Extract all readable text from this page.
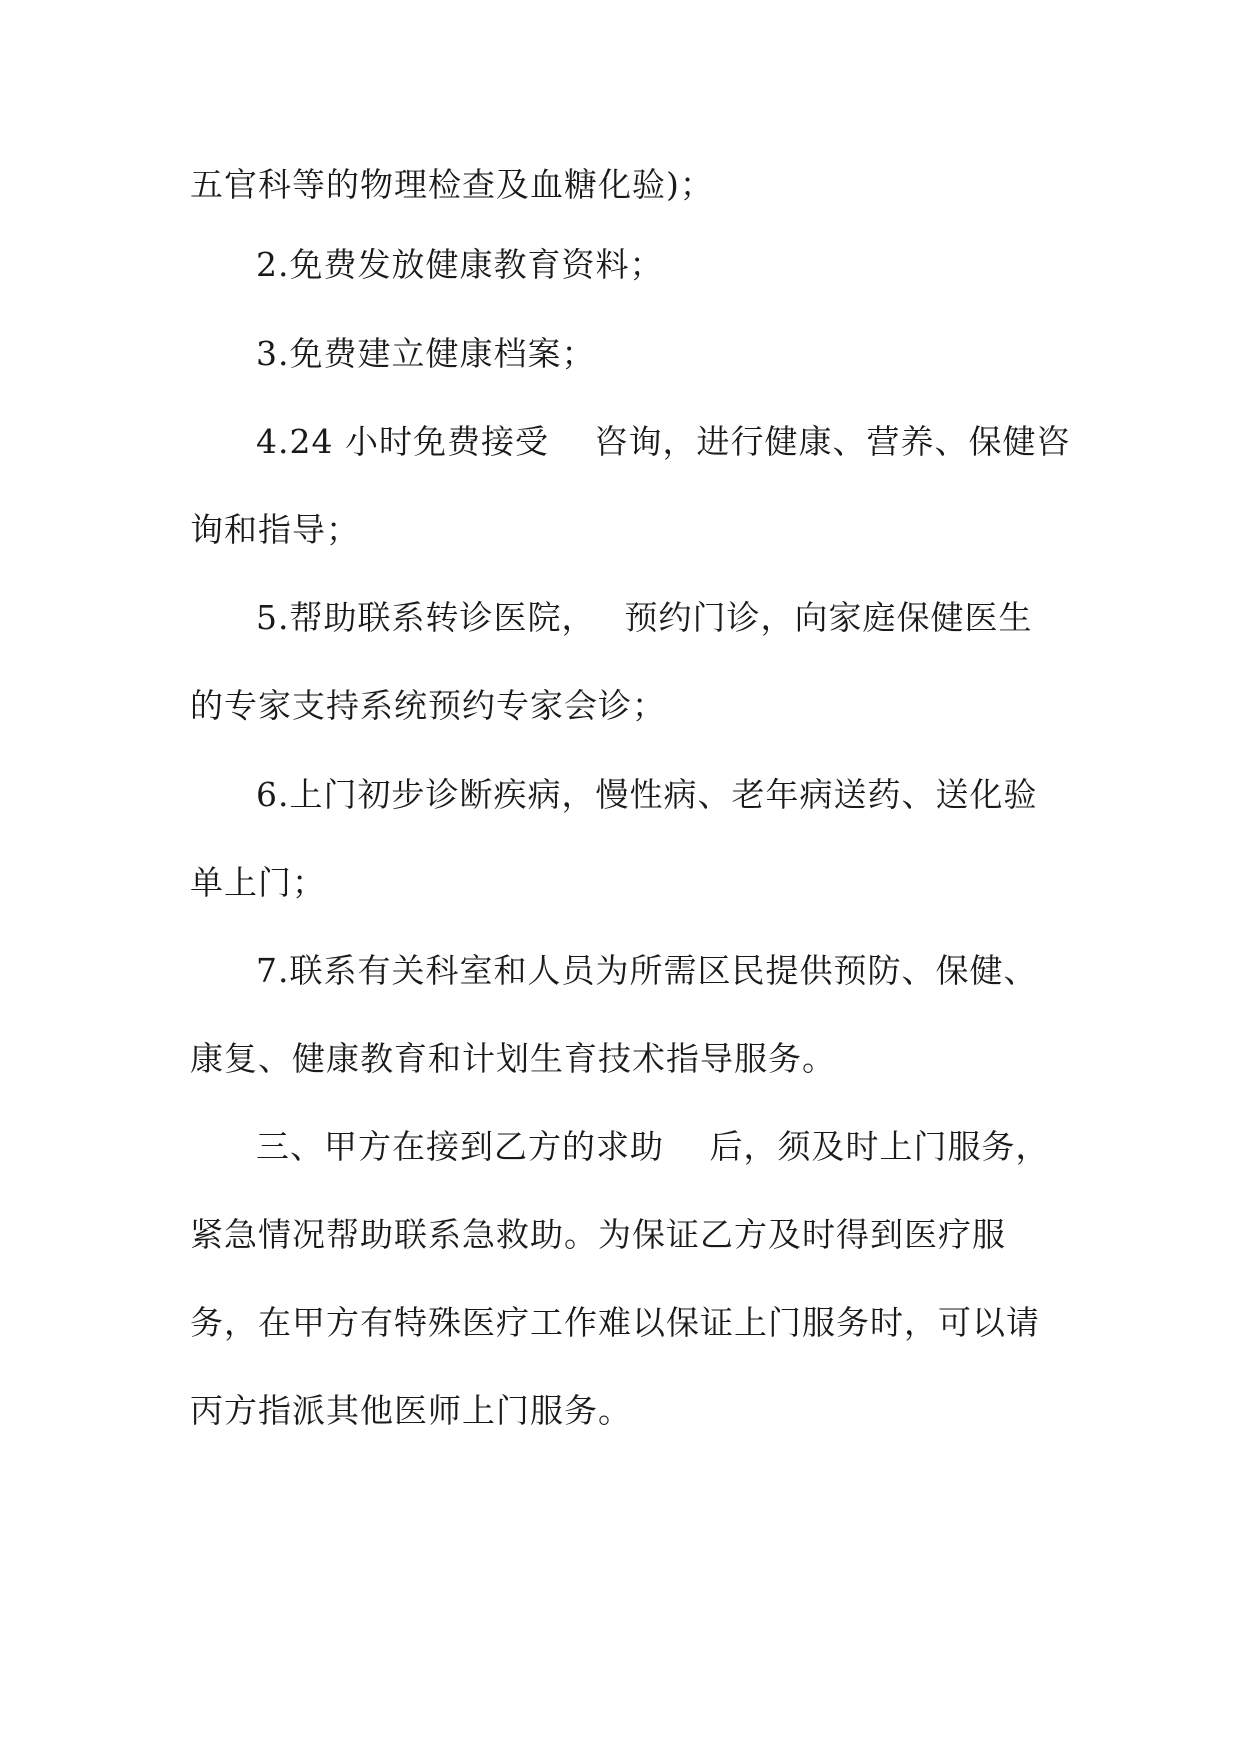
五官科等的物理检查及血糖化验)；
2.免费发放健康教育资料；
3.免费建立健康档案；
4.24 小时免费接受　 咨询，进行健康、营养、保健咨
询和指导；
5.帮助联系转诊医院，　 预约门诊，向家庭保健医生
的专家支持系统预约专家会诊；
6.上门初步诊断疾病，慢性病、老年病送药、送化验
单上门；
7.联系有关科室和人员为所需区民提供预防、保健、
康复、健康教育和计划生育技术指导服务。
三、甲方在接到乙方的求助　 后，须及时上门服务，
紧急情况帮助联系急救助。为保证乙方及时得到医疗服
务，在甲方有特殊医疗工作难以保证上门服务时，可以请
丙方指派其他医师上门服务。
